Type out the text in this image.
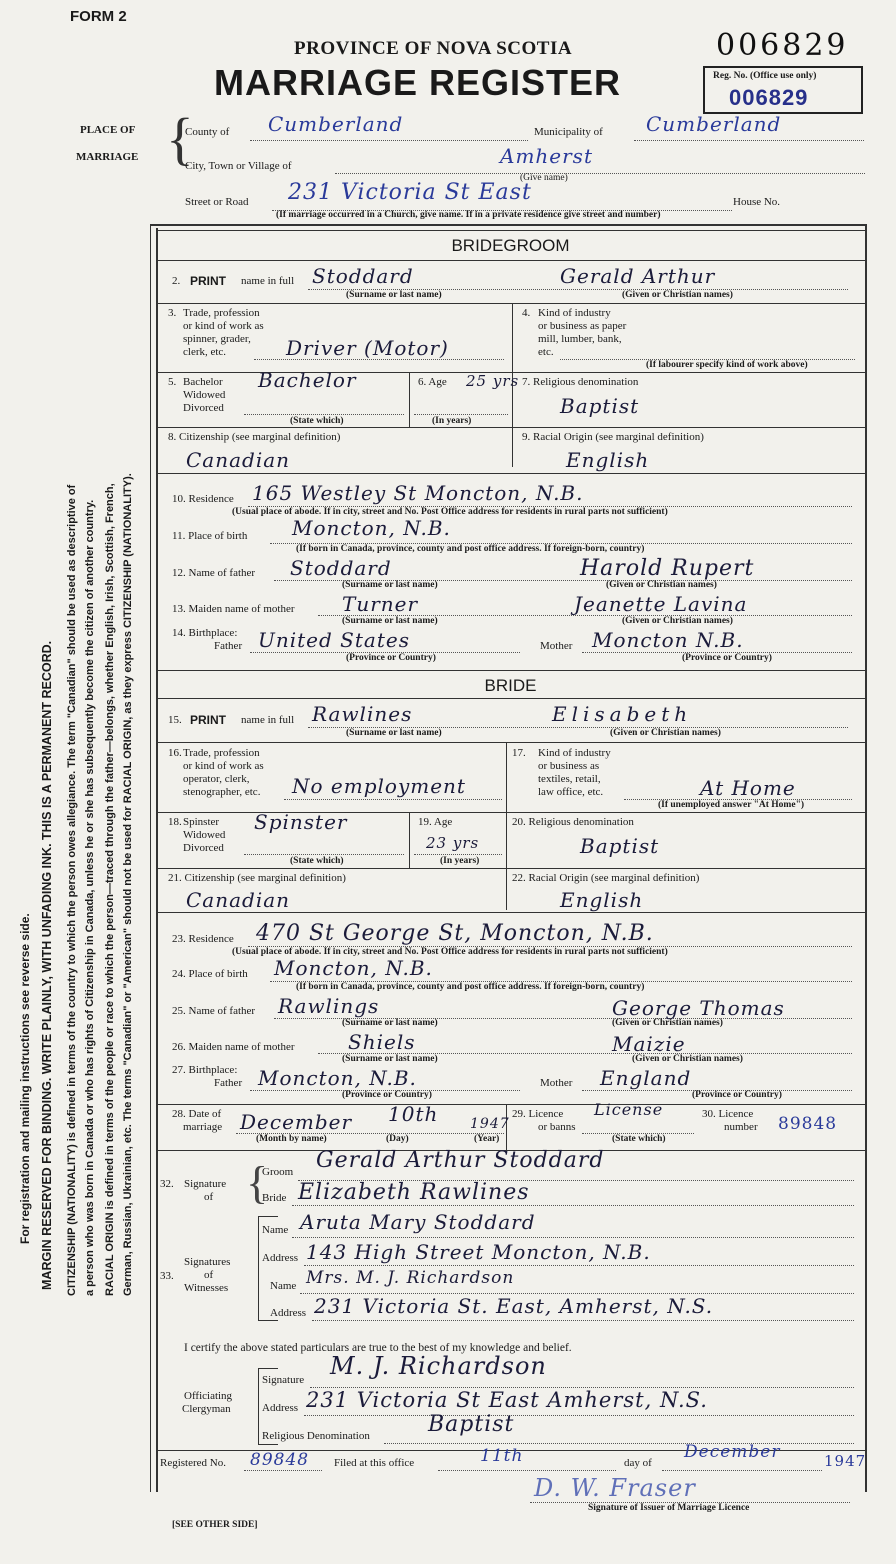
FORM 2
PROVINCE OF NOVA SCOTIA
MARRIAGE REGISTER
006829
Reg. No. (Office use only)
006829
PLACE OF
MARRIAGE {
County of Cumberland	Municipality of Cumberland
City, Town or Village of	Amherst
(Give name)
Street or Road 231 Victoria St East	House No.
(If marriage occurred in a Church, give name. If in a private residence give street and number)
For registration and mailing instructions see reverse side. MARGIN RESERVED FOR BINDING. WRITE PLAINLY, WITH UNFADING INK. THIS IS A PERMANENT RECORD. CITIZENSHIP (NATIONALITY) is defined in terms of the country to which the person owes allegiance. The term "Canadian" should be used as descriptive of a person who was born in Canada or who has rights of Citizenship in Canada, unless he or she has subsequently become the citizen of another country. RACIAL ORIGIN is defined in terms of the people or race to which the person—traced through the father—belongs, whether English, Irish, Scottish, French, German, Russian, Ukrainian, etc. The terms "Canadian" or "American" should not be used for RACIAL ORIGIN, as they express CITIZENSHIP (NATIONALITY).
BRIDEGROOM
2. PRINT name in full Stoddard	Gerald Arthur
(Surname or last name)	(Given or Christian names)
3. Trade, profession
or kind of work as
spinner, grader,
clerk, etc.	Driver (Motor)
4. Kind of industry
or business as paper
mill, lumber, bank,
etc.
(If labourer specify kind of work above)
5. Bachelor
Widowed
Divorced
Bachelor
(State which)
6. Age 25 yrs
(In years)
7. Religious denomination
Baptist
8. Citizenship (see marginal definition)
Canadian
9. Racial Origin (see marginal definition)
English
10. Residence 165 Westley St Moncton, N.B.
(Usual place of abode. If in city, street and No. Post Office address for residents in rural parts not sufficient)
11. Place of birth Moncton, N.B.
(If born in Canada, province, county and post office address. If foreign-born, country)
12. Name of father Stoddard	Harold Rupert
(Surname or last name)	(Given or Christian names)
13. Maiden name of mother Turner	Jeanette Lavina
(Surname or last name)	(Given or Christian names)
14. Birthplace:
Father United States
(Province or Country)
Mother Moncton N.B.
(Province or Country)
BRIDE
15. PRINT name in full Rawlines	Elisabeth
(Surname or last name)	(Given or Christian names)
16. Trade, profession
or kind of work as
operator, clerk,
stenographer, etc. No employment
17. Kind of industry
or business as
textiles, retail,
law office, etc.	At Home
(If unemployed answer "At Home")
18. Spinster
Widowed
Divorced
Spinster
(State which)
19. Age
23 yrs
(In years)
20. Religious denomination
Baptist
21. Citizenship (see marginal definition)
Canadian
22. Racial Origin (see marginal definition)
English
23. Residence 470 St George St, Moncton, N.B.
(Usual place of abode. If in city, street and No. Post Office address for residents in rural parts not sufficient)
24. Place of birth Moncton, N.B.
(If born in Canada, province, county and post office address. If foreign-born, country)
25. Name of father Rawlings	George Thomas
(Surname or last name)	(Given or Christian names)
26. Maiden name of mother	Shiels	Maizie
(Surname or last name)	(Given or Christian names)
27. Birthplace:
Father Moncton, N.B.
(Province or Country)
Mother England
(Province or Country)
28. Date of
marriage December 10th 1947
(Month by name)	(Day)	(Year)
29. Licence
or banns
License
(State which)
30. Licence
number 89848
32. Signature
of {
Groom Gerald Arthur Stoddard
Bride Elizabeth Rawlines
33.
Signatures
of
Witnesses
Name Aruta Mary Stoddard
Address 143 High Street Moncton, N.B.
Name Mrs. M. J. Richardson
Address 231 Victoria St. East, Amherst, N.S.
I certify the above stated particulars are true to the best of my knowledge and belief.
Officiating
Clergyman
Signature M. J. Richardson
Address 231 Victoria St East Amherst, N.S.
Religious Denomination	Baptist
Registered No. 89848 Filed at this office	11th	day of
December	1947
D. W. Fraser
Signature of Issuer of Marriage Licence
[SEE OTHER SIDE]
